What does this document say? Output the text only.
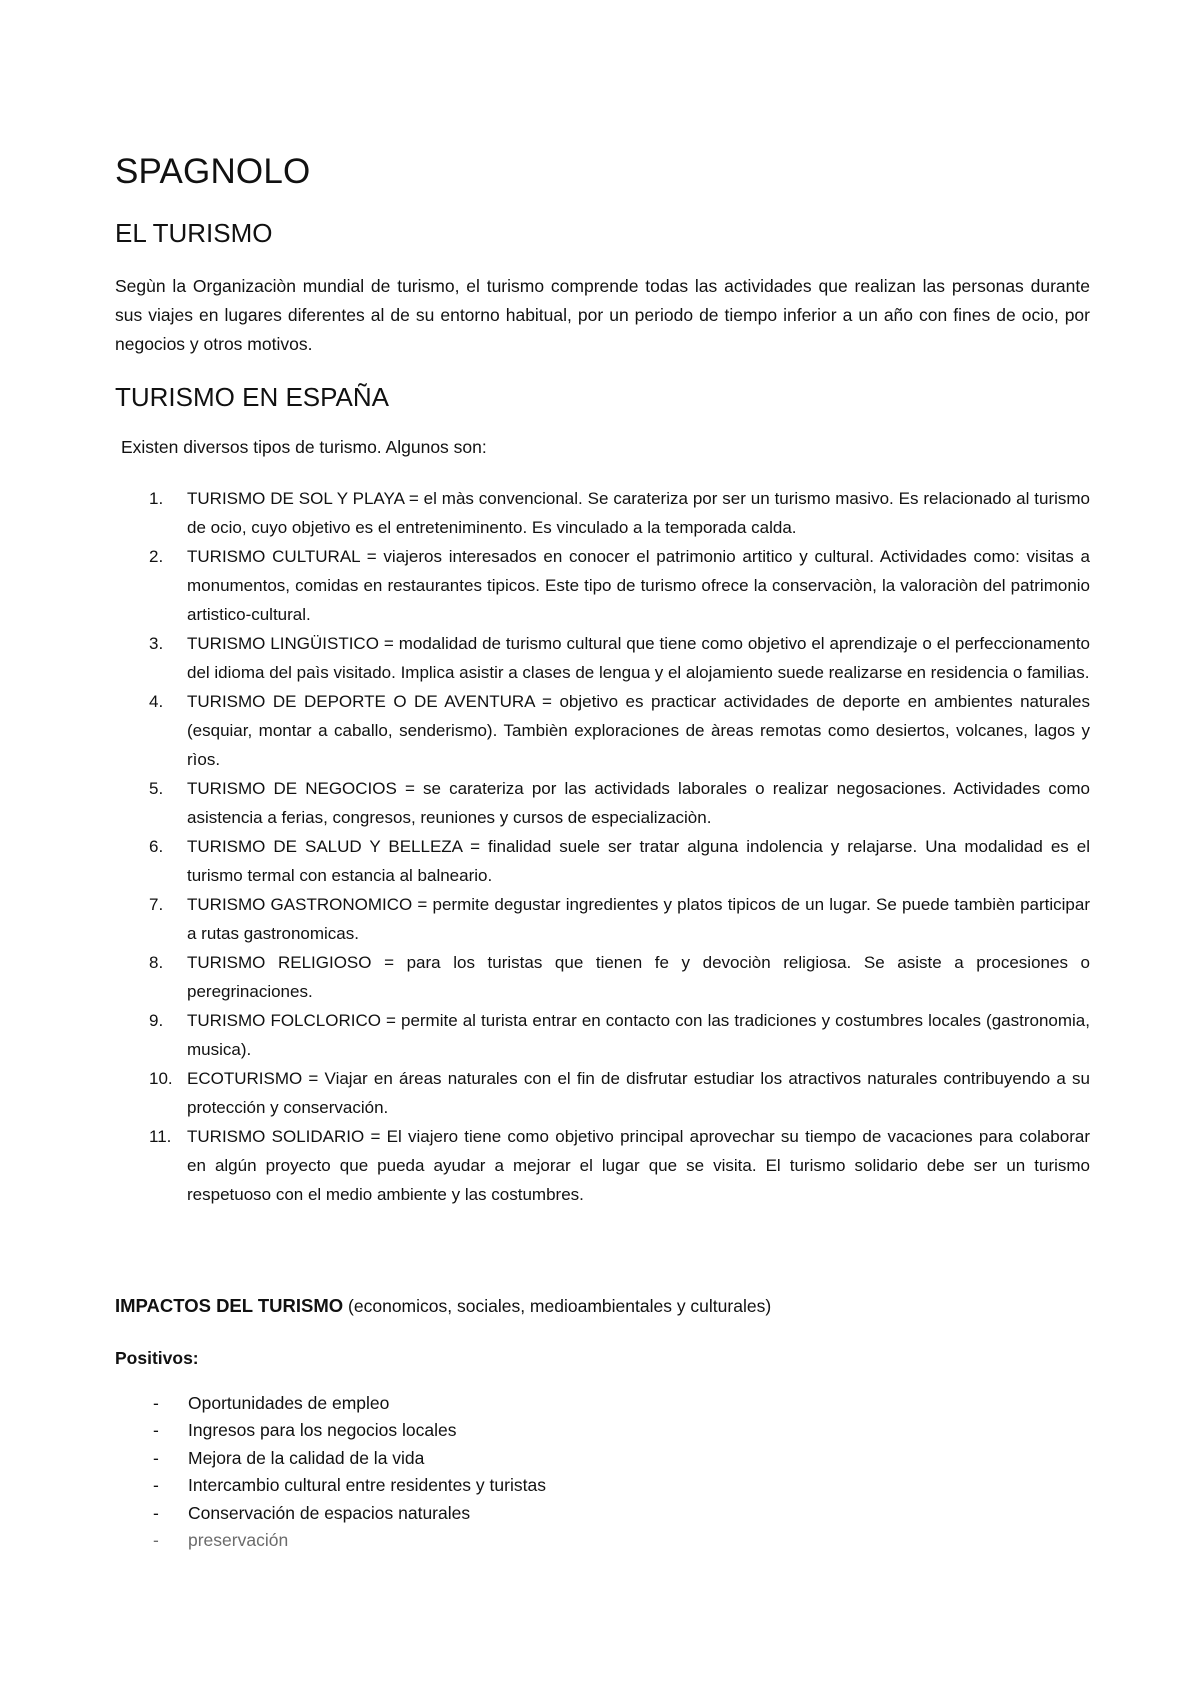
SPAGNOLO
EL TURISMO

Segùn la Organizaciòn mundial de turismo, el turismo comprende todas las actividades que realizan las personas durante sus viajes en lugares diferentes al de su entorno habitual, por un periodo de tiempo inferior a un año con fines de ocio, por negocios y otros motivos.

TURISMO EN ESPAÑA

Existen diversos tipos de turismo. Algunos son:

1. TURISMO DE SOL Y PLAYA = el màs convencional. Se carateriza por ser un turismo masivo. Es relacionado al turismo de ocio, cuyo objetivo es el entreteniminento. Es vinculado a la temporada calda.
2. TURISMO CULTURAL = viajeros interesados en conocer el patrimonio artitico y cultural. Actividades como: visitas a monumentos, comidas en restaurantes tipicos. Este tipo de turismo ofrece la conservaciòn, la valoraciòn del patrimonio artistico-cultural.
3. TURISMO LINGÜISTICO = modalidad de turismo cultural que tiene como objetivo el aprendizaje o el perfeccionamento del idioma del paìs visitado. Implica asistir a clases de lengua y el alojamiento suede realizarse en residencia o familias.
4. TURISMO DE DEPORTE O DE AVENTURA = objetivo es practicar actividades de deporte en ambientes naturales (esquiar, montar a caballo, senderismo). Tambièn exploraciones de àreas remotas como desiertos, volcanes, lagos y rìos.
5. TURISMO DE NEGOCIOS = se carateriza por las actividads laborales o realizar negosaciones. Actividades como asistencia a ferias, congresos, reuniones y cursos de especializaciòn.
6. TURISMO DE SALUD Y BELLEZA = finalidad suele ser tratar alguna indolencia y relajarse. Una modalidad es el turismo termal con estancia al balneario.
7. TURISMO GASTRONOMICO = permite degustar ingredientes y platos tipicos de un lugar. Se puede tambièn participar a rutas gastronomicas.
8. TURISMO RELIGIOSO = para los turistas que tienen fe y devociòn religiosa. Se asiste a procesiones o peregrinaciones.
9. TURISMO FOLCLORICO = permite al turista entrar en contacto con las tradiciones y costumbres locales (gastronomia, musica).
10. ECOTURISMO = Viajar en áreas naturales con el fin de disfrutar estudiar los atractivos naturales contribuyendo a su protección y conservación.
11. TURISMO SOLIDARIO = El viajero tiene como objetivo principal aprovechar su tiempo de vacaciones para colaborar en algún proyecto que pueda ayudar a mejorar el lugar que se visita. El turismo solidario debe ser un turismo respetuoso con el medio ambiente y las costumbres.

IMPACTOS DEL TURISMO (economicos, sociales, medioambientales y culturales)

Positivos:

- Oportunidades de empleo
- Ingresos para los negocios locales
- Mejora de la calidad de la vida
- Intercambio cultural entre residentes y turistas
- Conservación de espacios naturales
- preservación
